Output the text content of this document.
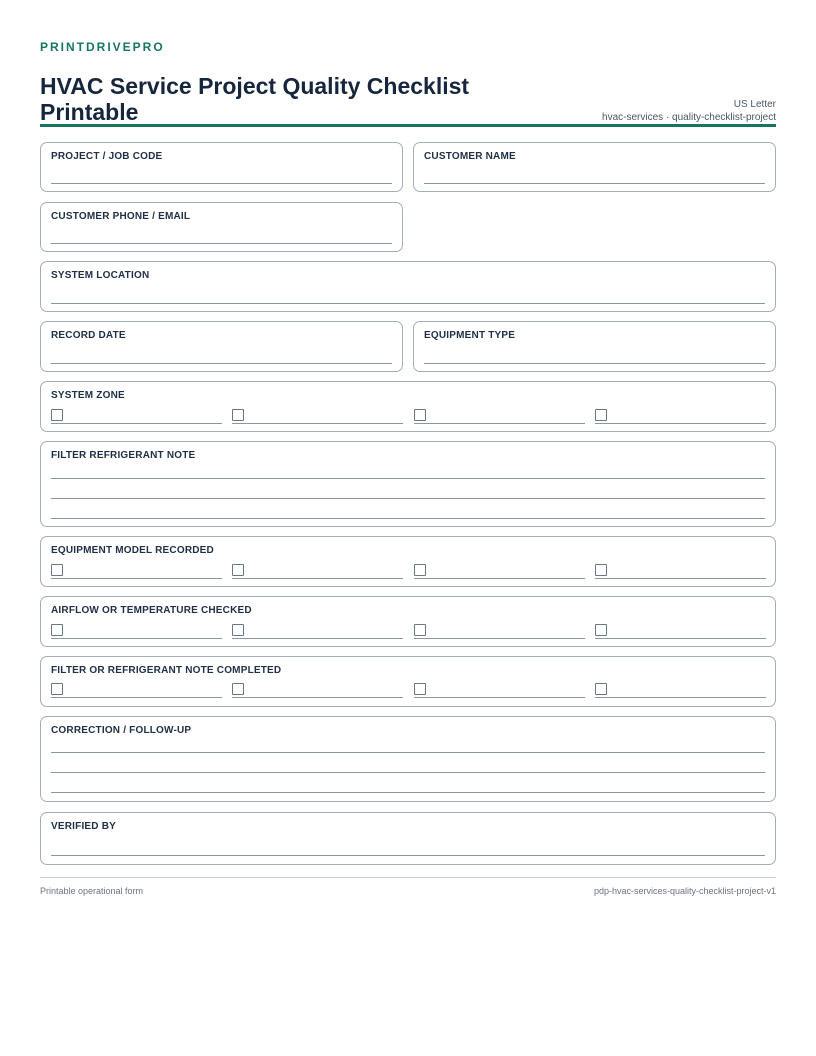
PRINTDRIVEPRO
HVAC Service Project Quality Checklist Printable	US Letter
hvac-services · quality-checklist-project
PROJECT / JOB CODE	CUSTOMER NAME
CUSTOMER PHONE / EMAIL
SYSTEM LOCATION
RECORD DATE	EQUIPMENT TYPE
SYSTEM ZONE
FILTER REFRIGERANT NOTE
EQUIPMENT MODEL RECORDED
AIRFLOW OR TEMPERATURE CHECKED
FILTER OR REFRIGERANT NOTE COMPLETED
CORRECTION / FOLLOW-UP
VERIFIED BY
Printable operational form	pdp-hvac-services-quality-checklist-project-v1
